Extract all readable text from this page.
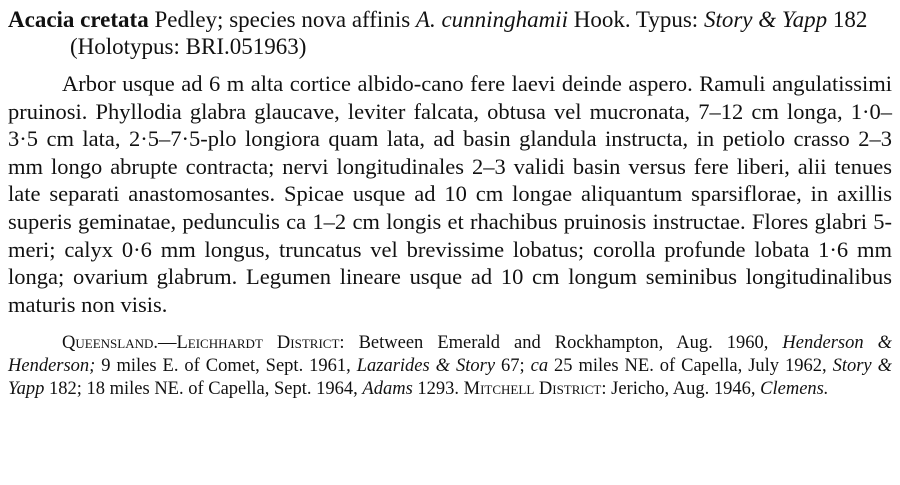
Acacia cretata Pedley; species nova affinis A. cunninghamii Hook. Typus: Story & Yapp 182 (Holotypus: BRI.051963)

Arbor usque ad 6 m alta cortice albido-cano fere laevi deinde aspero. Ramuli angulatissimi pruinosi. Phyllodia glabra glaucave, leviter falcata, obtusa vel mucronata, 7–12 cm longa, 1·0–3·5 cm lata, 2·5–7·5-plo longiora quam lata, ad basin glandula instructa, in petiolo crasso 2–3 mm longo abrupte contracta; nervi longitudinales 2–3 validi basin versus fere liberi, alii tenues late separati anastomosantes. Spicae usque ad 10 cm longae aliquantum sparsiflorae, in axillis superis geminatae, pedunculis ca 1–2 cm longis et rhachibus pruinosis instructae. Flores glabri 5-meri; calyx 0·6 mm longus, truncatus vel brevissime lobatus; corolla profunde lobata 1·6 mm longa; ovarium glabrum. Legumen lineare usque ad 10 cm longum seminibus longitudinalibus maturis non visis.

Queensland.—Leichhardt District: Between Emerald and Rockhampton, Aug. 1960, Henderson & Henderson; 9 miles E. of Comet, Sept. 1961, Lazarides & Story 67; ca 25 miles NE. of Capella, July 1962, Story & Yapp 182; 18 miles NE. of Capella, Sept. 1964, Adams 1293. Mitchell District: Jericho, Aug. 1946, Clemens.
